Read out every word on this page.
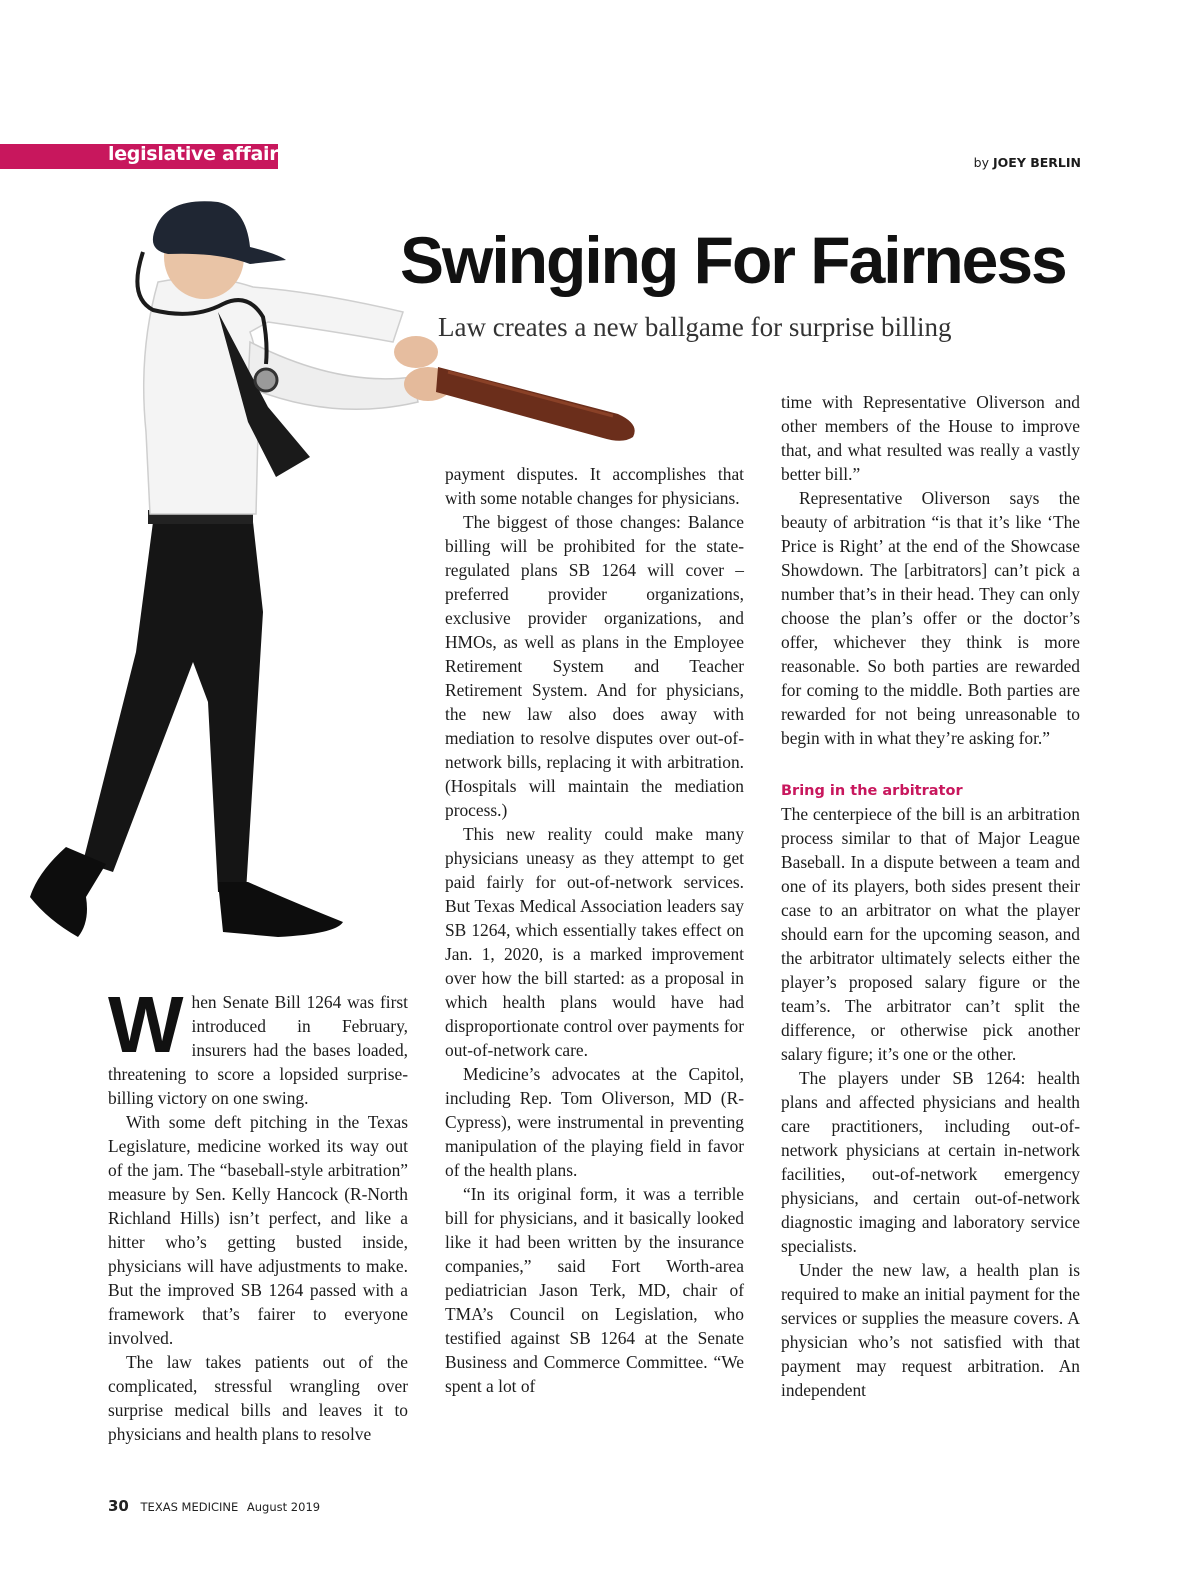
legislative affairs	by JOEY BERLIN
Swinging For Fairness
Law creates a new ballgame for surprise billing

When Senate Bill 1264 was first introduced in February, insurers had the bases loaded, threatening to score a lopsided surprise-billing victory on one swing.

With some deft pitching in the Texas Legislature, medicine worked its way out of the jam. The “baseball-style arbitration” measure by Sen. Kelly Hancock (R-North Richland Hills) isn’t perfect, and like a hitter who’s getting busted inside, physicians will have adjustments to make. But the improved SB 1264 passed with a framework that’s fairer to everyone involved.

The law takes patients out of the complicated, stressful wrangling over surprise medical bills and leaves it to physicians and health plans to resolve

payment disputes. It accomplishes that with some notable changes for physicians.

The biggest of those changes: Balance billing will be prohibited for the state-regulated plans SB 1264 will cover – preferred provider organizations, exclusive provider organizations, and HMOs, as well as plans in the Employee Retirement System and Teacher Retirement System. And for physicians, the new law also does away with mediation to resolve disputes over out-of-network bills, replacing it with arbitration. (Hospitals will maintain the mediation process.)

This new reality could make many physicians uneasy as they attempt to get paid fairly for out-of-network services. But Texas Medical Association leaders say SB 1264, which essentially takes effect on Jan. 1, 2020, is a marked improvement over how the bill started: as a proposal in which health plans would have had disproportionate control over payments for out-of-network care.

Medicine’s advocates at the Capitol, including Rep. Tom Oliverson, MD (R-Cypress), were instrumental in preventing manipulation of the playing field in favor of the health plans.

“In its original form, it was a terrible bill for physicians, and it basically looked like it had been written by the insurance companies,” said Fort Worth-area pediatrician Jason Terk, MD, chair of TMA’s Council on Legislation, who testified against SB 1264 at the Senate Business and Commerce Committee. “We spent a lot of

time with Representative Oliverson and other members of the House to improve that, and what resulted was really a vastly better bill.”

Representative Oliverson says the beauty of arbitration “is that it’s like ‘The Price is Right’ at the end of the Showcase Showdown. The [arbitrators] can’t pick a number that’s in their head. They can only choose the plan’s offer or the doctor’s offer, whichever they think is more reasonable. So both parties are rewarded for coming to the middle. Both parties are rewarded for not being unreasonable to begin with in what they’re asking for.”

Bring in the arbitrator

The centerpiece of the bill is an arbitration process similar to that of Major League Baseball. In a dispute between a team and one of its players, both sides present their case to an arbitrator on what the player should earn for the upcoming season, and the arbitrator ultimately selects either the player’s proposed salary figure or the team’s. The arbitrator can’t split the difference, or otherwise pick another salary figure; it’s one or the other.

The players under SB 1264: health plans and affected physicians and health care practitioners, including out-of-network physicians at certain in-network facilities, out-of-network emergency physicians, and certain out-of-network diagnostic imaging and laboratory service specialists.

Under the new law, a health plan is required to make an initial payment for the services or supplies the measure covers. A physician who’s not satisfied with that payment may request arbitration. An independent

30 TEXAS MEDICINE August 2019
